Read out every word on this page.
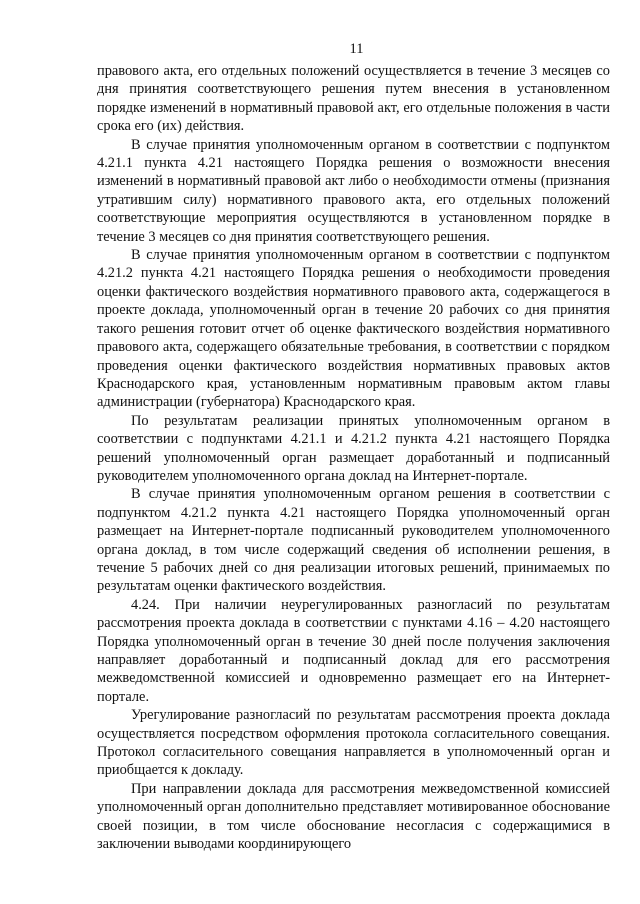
11

правового акта, его отдельных положений осуществляется в течение 3 месяцев со дня принятия соответствующего решения путем внесения в установленном порядке изменений в нормативный правовой акт, его отдельные положения в части срока его (их) действия.

В случае принятия уполномоченным органом в соответствии с подпунктом 4.21.1 пункта 4.21 настоящего Порядка решения о возможности внесения изменений в нормативный правовой акт либо о необходимости отмены (признания утратившим силу) нормативного правового акта, его отдельных положений соответствующие мероприятия осуществляются в установленном порядке в течение 3 месяцев со дня принятия соответствующего решения.

В случае принятия уполномоченным органом в соответствии с подпунктом 4.21.2 пункта 4.21 настоящего Порядка решения о необходимости проведения оценки фактического воздействия нормативного правового акта, содержащегося в проекте доклада, уполномоченный орган в течение 20 рабочих со дня принятия такого решения готовит отчет об оценке фактического воздействия нормативного правового акта, содержащего обязательные требования, в соответствии с порядком проведения оценки фактического воздействия нормативных правовых актов Краснодарского края, установленным нормативным правовым актом главы администрации (губернатора) Краснодарского края.

По результатам реализации принятых уполномоченным органом в соответствии с подпунктами 4.21.1 и 4.21.2 пункта 4.21 настоящего Порядка решений уполномоченный орган размещает доработанный и подписанный руководителем уполномоченного органа доклад на Интернет-портале.

В случае принятия уполномоченным органом решения в соответствии с подпунктом 4.21.2 пункта 4.21 настоящего Порядка уполномоченный орган размещает на Интернет-портале подписанный руководителем уполномоченного органа доклад, в том числе содержащий сведения об исполнении решения, в течение 5 рабочих дней со дня реализации итоговых решений, принимаемых по результатам оценки фактического воздействия.

4.24. При наличии неурегулированных разногласий по результатам рассмотрения проекта доклада в соответствии с пунктами 4.16 – 4.20 настоящего Порядка уполномоченный орган в течение 30 дней после получения заключения направляет доработанный и подписанный доклад для его рассмотрения межведомственной комиссией и одновременно размещает его на Интернет-портале.

Урегулирование разногласий по результатам рассмотрения проекта доклада осуществляется посредством оформления протокола согласительного совещания. Протокол согласительного совещания направляется в уполномоченный орган и приобщается к докладу.

При направлении доклада для рассмотрения межведомственной комиссией уполномоченный орган дополнительно представляет мотивированное обоснование своей позиции, в том числе обоснование несогласия с содержащимися в заключении выводами координирующего
